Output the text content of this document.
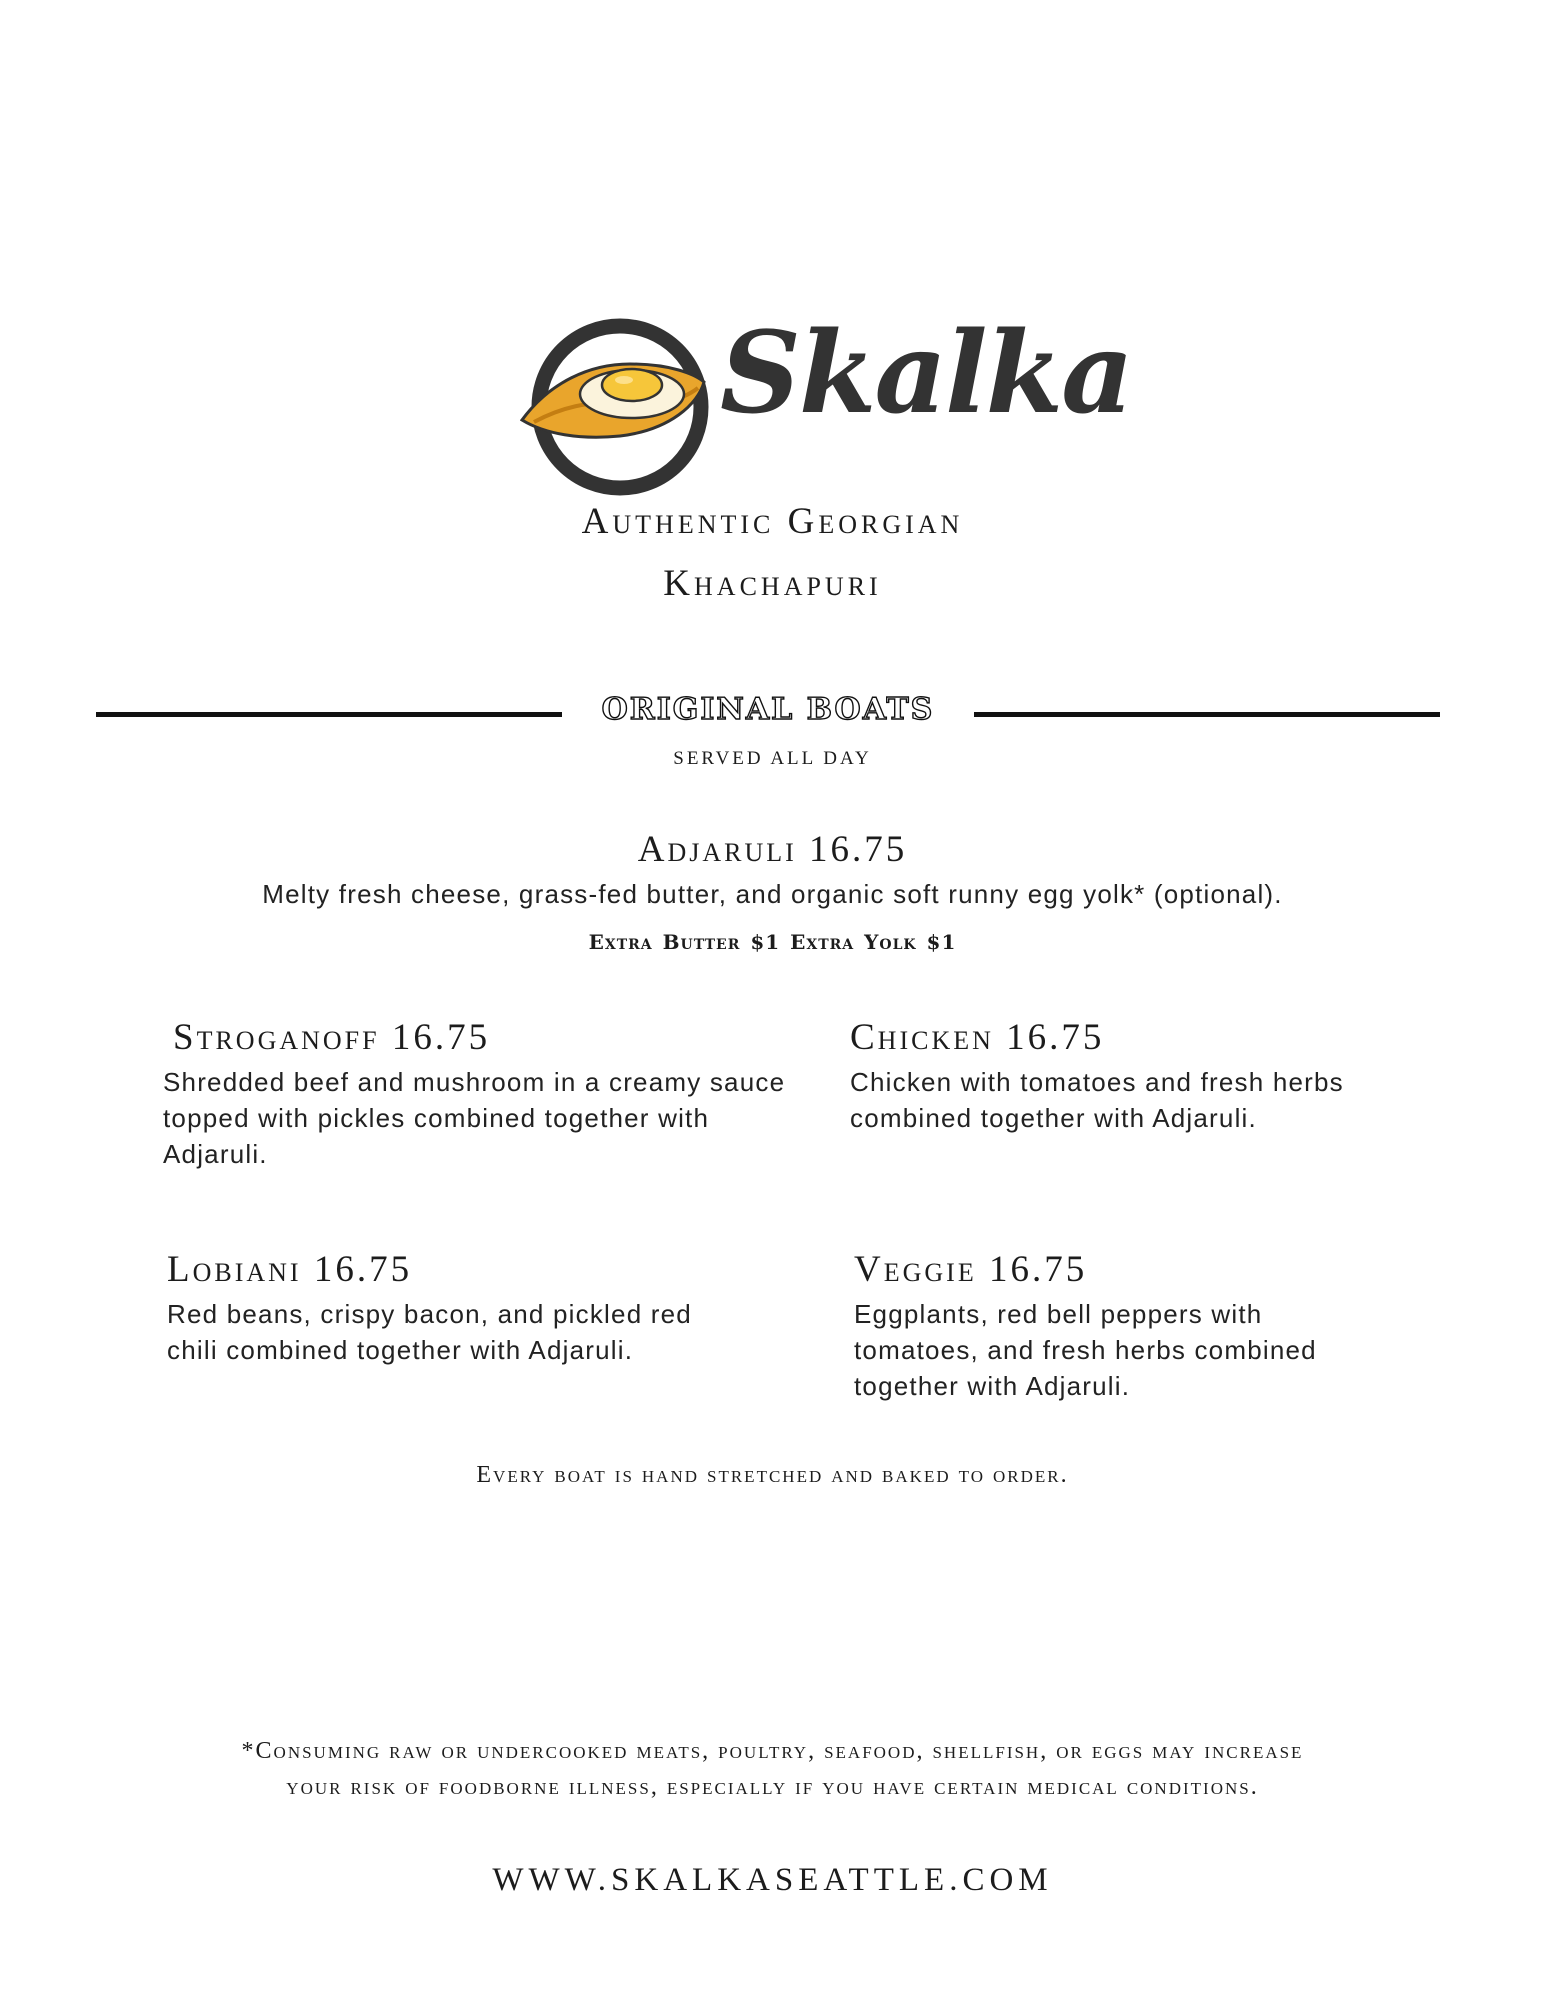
Skalka
Authentic Georgian
Khachapuri
ORIGINAL BOATS
SERVED ALL DAY
Adjaruli 16.75
Melty fresh cheese, grass-fed butter, and organic soft runny egg yolk* (optional).
Extra Butter $1 Extra Yolk $1
Stroganoff 16.75
Shredded beef and mushroom in a creamy sauce topped with pickles combined together with Adjaruli.
Chicken 16.75
Chicken with tomatoes and fresh herbs combined together with Adjaruli.
Lobiani 16.75
Red beans, crispy bacon, and pickled red chili combined together with Adjaruli.
Veggie 16.75
Eggplants, red bell peppers with tomatoes, and fresh herbs combined together with Adjaruli.
Every boat is hand stretched and baked to order.
*Consuming raw or undercooked meats, poultry, seafood, shellfish, or eggs may increase your risk of foodborne illness, especially if you have certain medical conditions.
WWW.SKALKASEATTLE.COM
